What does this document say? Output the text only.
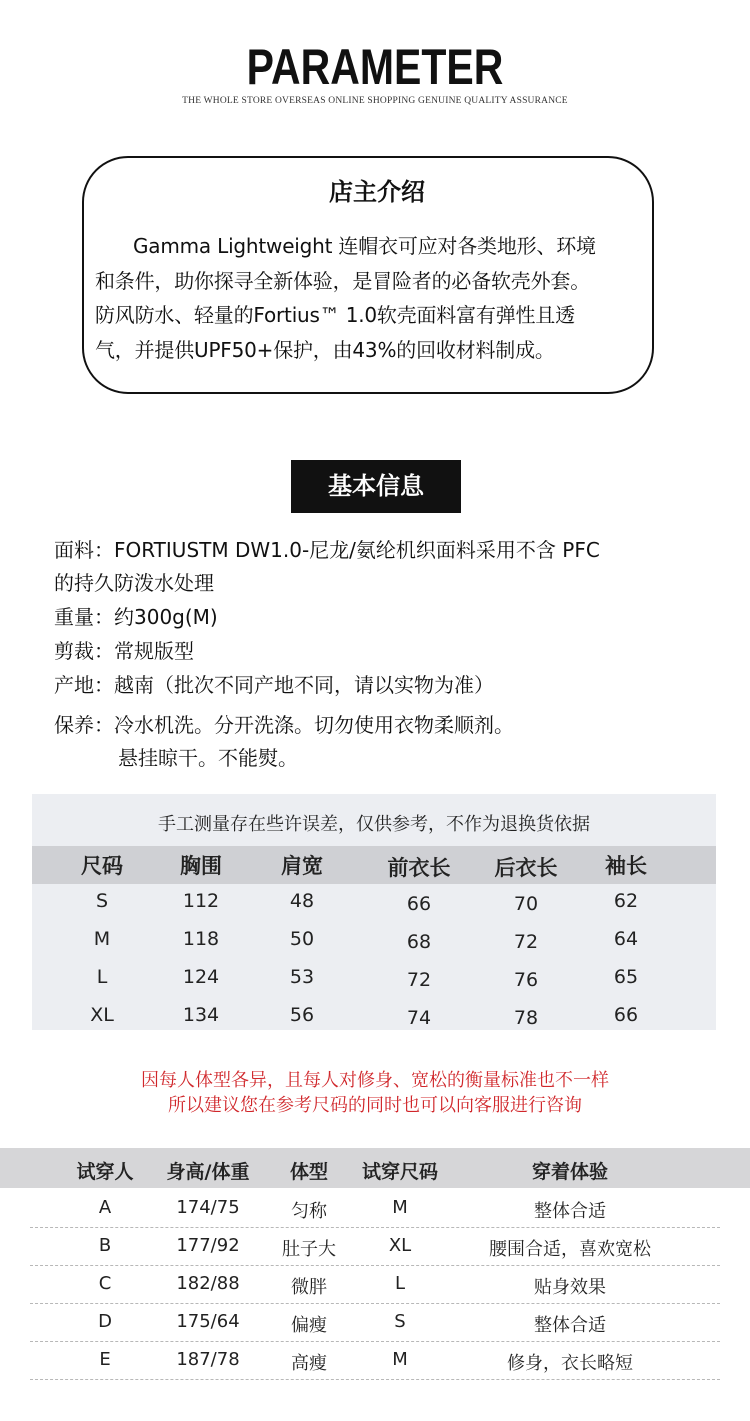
PARAMETER
THE WHOLE STORE OVERSEAS ONLINE SHOPPING GENUINE QUALITY ASSURANCE
店主介绍

Gamma Lightweight 连帽衣可应对各类地形、环境

和条件，助你探寻全新体验，是冒险者的必备软壳外套。

防风防水、轻量的Fortius™ 1.0软壳面料富有弹性且透

气，并提供UPF50+保护，由43%的回收材料制成。

基本信息
面料：FORTIUSTM DW1.0-尼龙/氨纶机织面料采用不含 PFC
的持久防泼水处理
重量：约300g(M)
剪裁：常规版型
产地：越南（批次不同产地不同，请以实物为准）
保养：冷水机洗。分开洗涤。切勿使用衣物柔顺剂。
悬挂晾干。不能熨。
手工测量存在些许误差，仅供参考，不作为退换货依据
尺码	胸围	肩宽	前衣长	后衣长	袖长
S	112	48	66	70	62
M	118	50	68	72	64
L	124	53	72	76	65
XL	134	56	74	78	66
因每人体型各异，且每人对修身、宽松的衡量标准也不一样
所以建议您在参考尺码的同时也可以向客服进行咨询
试穿人	身高/体重	体型	试穿尺码	穿着体验
A	174/75	匀称	M	整体合适
B	177/92	肚子大	XL	腰围合适，喜欢宽松
C	182/88	微胖	L	贴身效果
D	175/64	偏瘦	S	整体合适
E	187/78	高瘦	M	修身，衣长略短
